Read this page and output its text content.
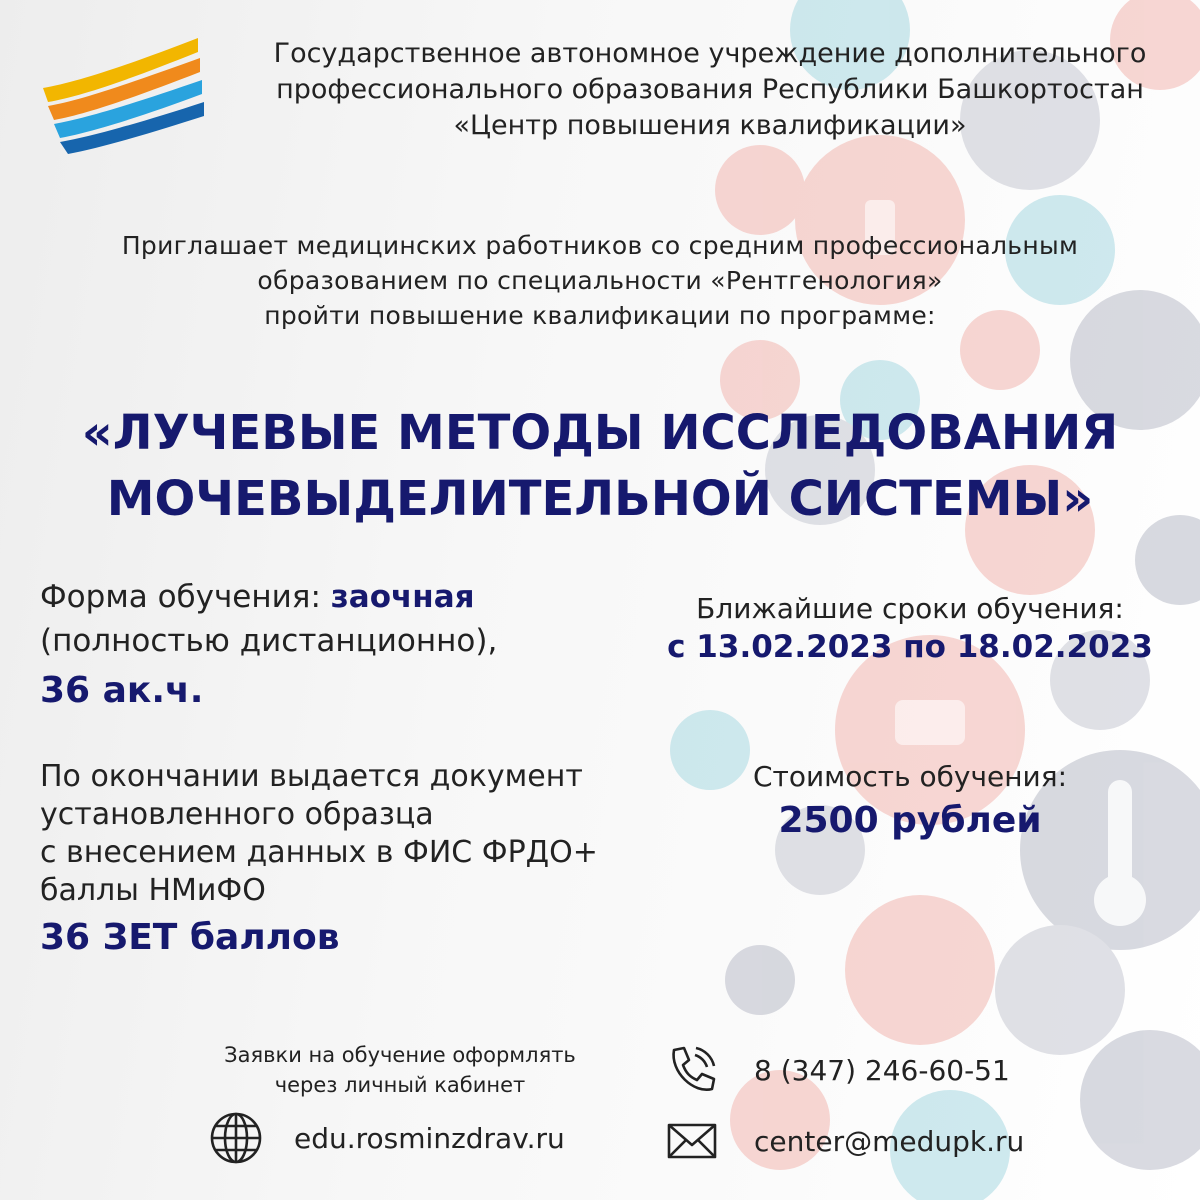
Государственное автономное учреждение дополнительного
профессионального образования Республики Башкортостан
«Центр повышения квалификации»
Приглашает медицинских работников со средним профессиональным
образованием по специальности «Рентгенология»
пройти повышение квалификации по программе:
«ЛУЧЕВЫЕ МЕТОДЫ ИССЛЕДОВАНИЯ
МОЧЕВЫДЕЛИТЕЛЬНОЙ СИСТЕМЫ»
Форма обучения: заочная
(полностью дистанционно),
36 ак.ч.
Ближайшие сроки обучения:
с 13.02.2023 по 18.02.2023
Стоимость обучения:
2500 рублей
По окончании выдается документ
установленного образца
с внесением данных в ФИС ФРДО+
баллы НМиФО
36 ЗЕТ баллов
Заявки на обучение оформлять
через личный кабинет
edu.rosminzdrav.ru
8 (347) 246-60-51
center@medupk.ru
